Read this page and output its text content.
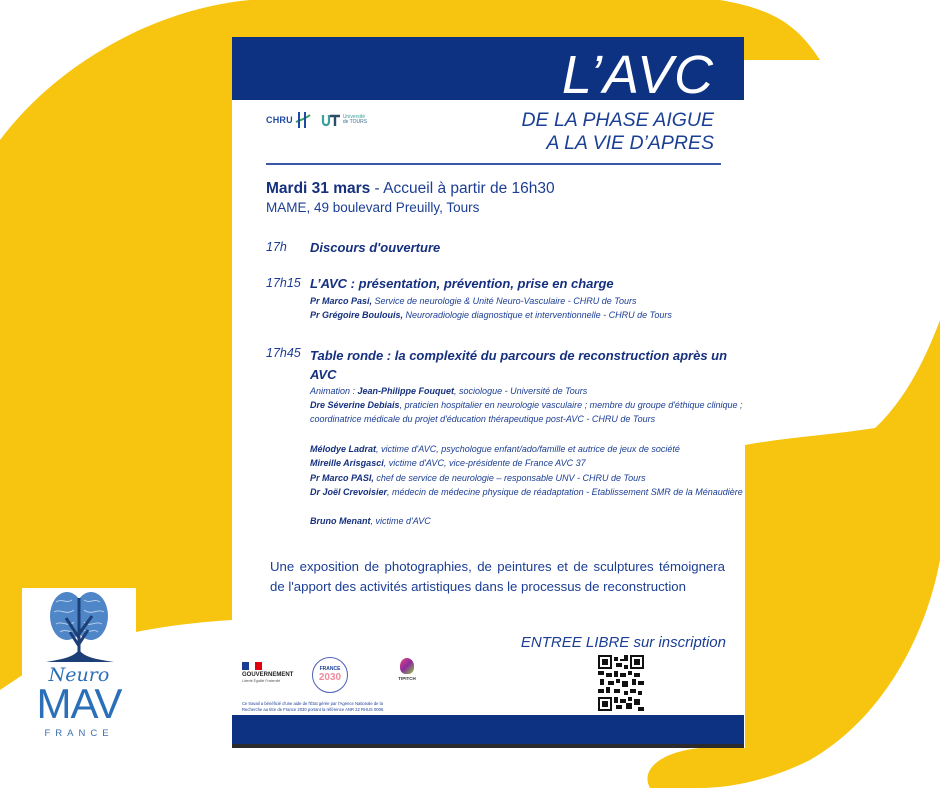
L’AVC
CHRU	Université
de TOURS	DE LA PHASE AIGUE
A LA VIE D’APRES
Mardi 31 mars - Accueil à partir de 16h30
MAME, 49 boulevard Preuilly, Tours
17h Discours d'ouverture
17h15 L’AVC : présentation, prévention, prise en charge
Pr Marco Pasi, Service de neurologie & Unité Neuro-Vasculaire - CHRU de Tours
Pr Grégoire Boulouis, Neuroradiologie diagnostique et interventionnelle - CHRU de Tours
17h45 Table ronde : la complexité du parcours de reconstruction après un AVC
Animation : Jean-Philippe Fouquet, sociologue - Université de Tours
Dre Séverine Debiais, praticien hospitalier en neurologie vasculaire ; membre du groupe d'éthique clinique ; coordinatrice médicale du projet d'éducation thérapeutique post-AVC - CHRU de Tours
Mélodye Ladrat, victime d'AVC, psychologue enfant/ado/famille et autrice de jeux de société
Mireille Arisgasci, victime d'AVC, vice-présidente de France AVC 37
Pr Marco PASI, chef de service de neurologie – responsable UNV - CHRU de Tours
Dr Joël Crevoisier, médecin de médecine physique de réadaptation - Etablissement SMR de la Ménaudière
Bruno Menant, victime d'AVC
Une exposition de photographies, de peintures et de sculptures témoignera de l'apport des activités artistiques dans le processus de reconstruction
ENTREE LIBRE sur inscription
GOUVERNEMENT
Liberté Égalité Fraternité
FRANCE
2030	TIPITCH
Ce travail a bénéficié d'une aide de l'État gérée par l'Agence Nationale de la
Recherche au titre de France 2030 portant la référence ANR 22 RHUS 0006
Neuro
MAV
FRANCE
